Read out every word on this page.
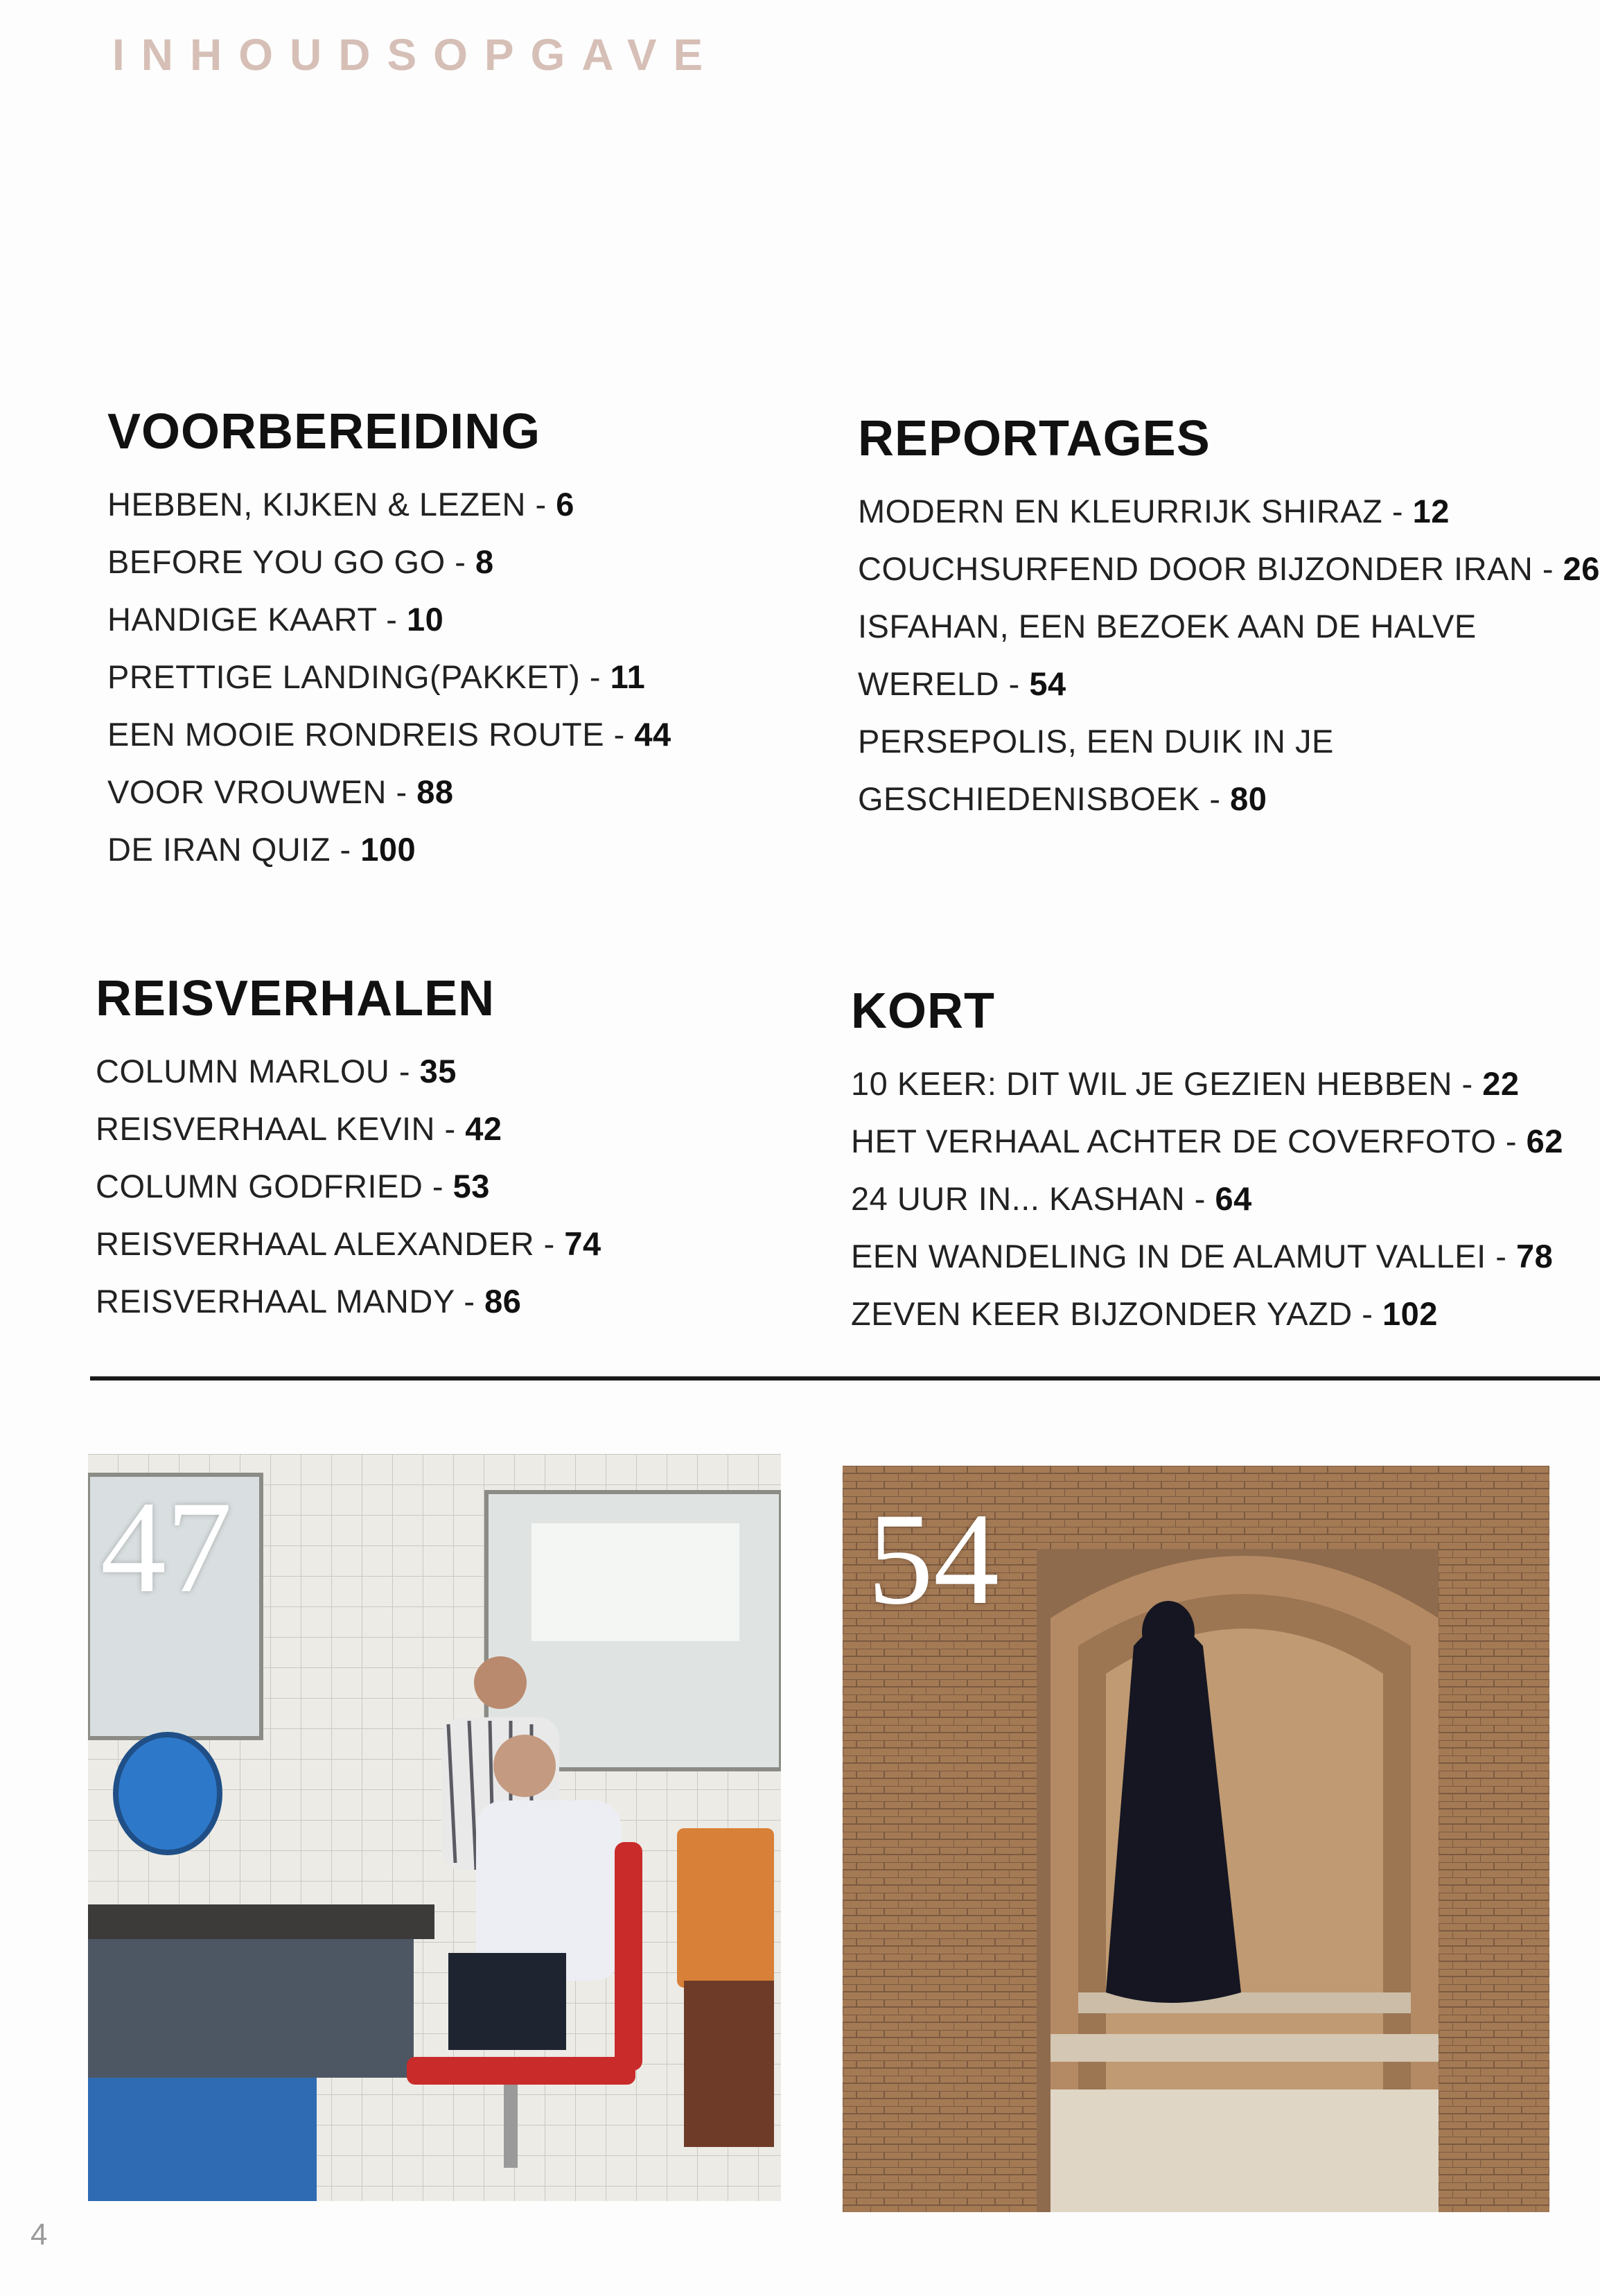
INHOUDSOPGAVE
VOORBEREIDING
HEBBEN, KIJKEN & LEZEN - 6
BEFORE YOU GO GO - 8
HANDIGE KAART - 10
PRETTIGE LANDING(PAKKET) - 11
EEN MOOIE RONDREIS ROUTE - 44
VOOR VROUWEN - 88
DE IRAN QUIZ - 100
REPORTAGES
MODERN EN KLEURRIJK SHIRAZ - 12
COUCHSURFEND DOOR BIJZONDER IRAN - 26
ISFAHAN, EEN BEZOEK AAN DE HALVE
WERELD - 54
PERSEPOLIS, EEN DUIK IN JE
GESCHIEDENISBOEK - 80
REISVERHALEN
COLUMN MARLOU - 35
REISVERHAAL KEVIN - 42
COLUMN GODFRIED - 53
REISVERHAAL ALEXANDER - 74
REISVERHAAL MANDY - 86
KORT
10 KEER: DIT WIL JE GEZIEN HEBBEN - 22
HET VERHAAL ACHTER DE COVERFOTO - 62
24 UUR IN... KASHAN - 64
EEN WANDELING IN DE ALAMUT VALLEI - 78
ZEVEN KEER BIJZONDER YAZD - 102
47	54
4
